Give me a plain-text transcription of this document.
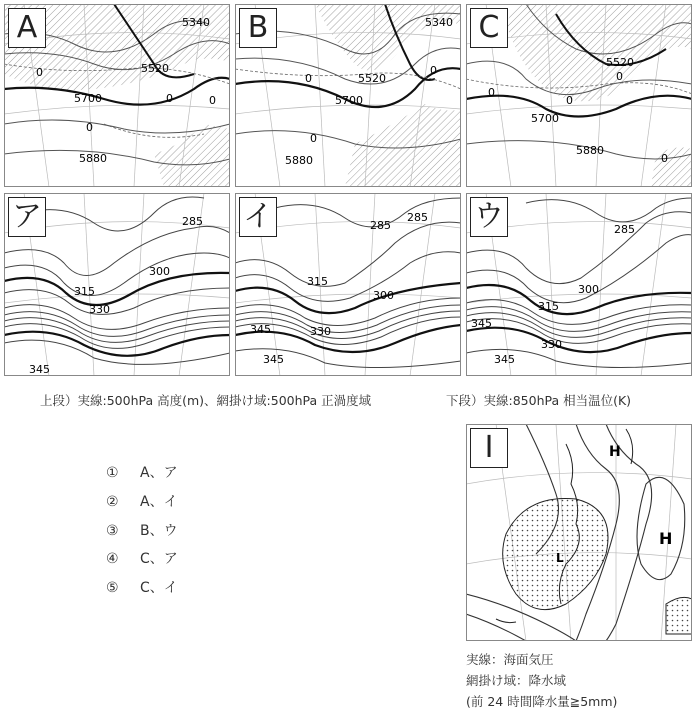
A
5520
5700
5340
5880
0
0
0	0
B	5340
5520
5700
5880
0
0
0
C
5520
5700
0
0
0
5880
0
ア	285
300
315
330
345
イ	285
285
300
315
330
345
345
ウ	285
300
315
330
345
345
上段）実線:500hPa 高度(m)、網掛け域:500hPa 正渦度域	下段）実線:850hPa 相当温位(K)
① A、ア
② A、イ
③ B、ウ
④ C、ア
⑤ C、イ
I	H
H
L
実線：海面気圧
網掛け域：降水域
(前 24 時間降水量≧5mm)
